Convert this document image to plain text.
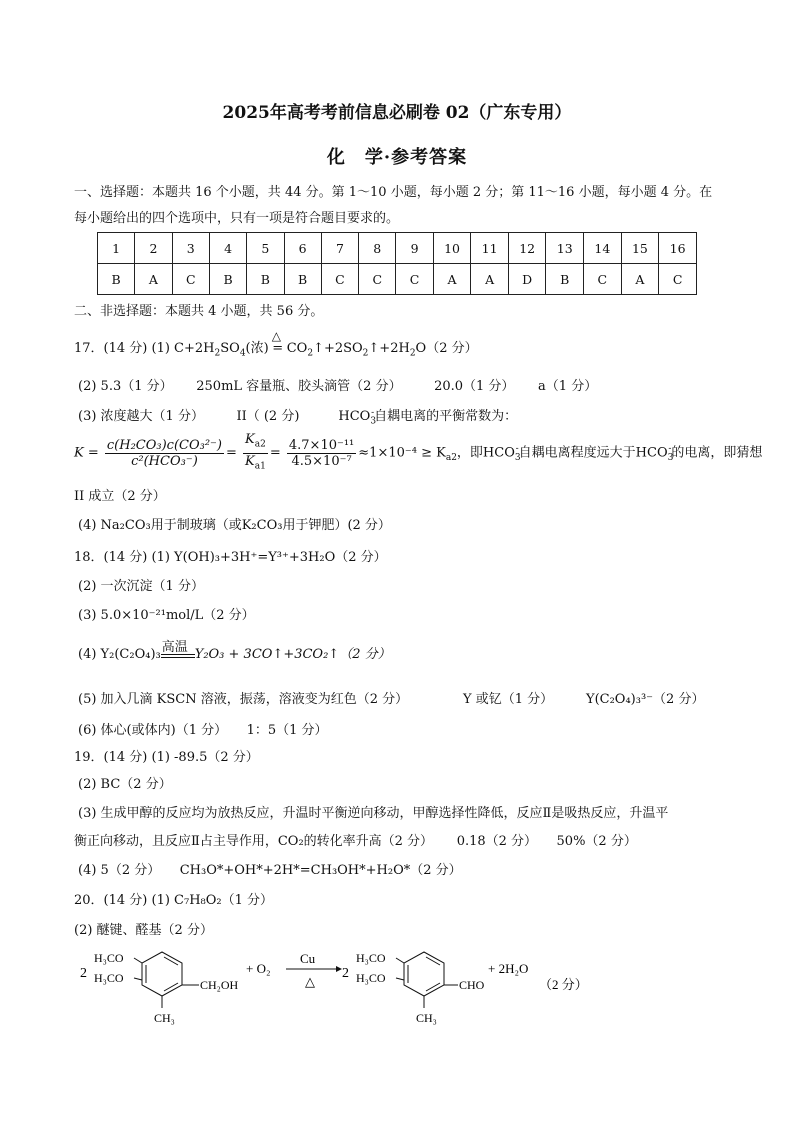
2025年高考考前信息必刷卷 02（广东专用）
化　学·参考答案
一、选择题：本题共 16 个小题，共 44 分。第 1～10 小题，每小题 2 分；第 11～16 小题，每小题 4 分。在
每小题给出的四个选项中，只有一项是符合题目要求的。
1	2	3	4	5	6	7	8	9	10	11	12	13	14	15	16
B	A	C	B	B	B	C	C	C	A	A	D	B	C	A	C
二、非选择题：本题共 4 小题，共 56 分。
17．(14 分) (1) $C+2H_2SO_4$(浓)
△
= $CO_2↑+2SO_2↑+2H_2O(2$ 分）
(2) 5.3（1 分）　　 250mL 容量瓶、胶头滴管（2 分）　　　20.0（1 分）　　 a（1 分）
(3) 浓度越大（1 分）　　　II（ (2 分)　　　$HCO_3^-$自耦电离的平衡常数为：
$K = \frac{\text{c(H₂CO₃)c(CO₃²⁻)}}{\text{c²(HCO₃⁻)}} = \frac{K_{a2}}{K_{a1}} = \frac{\text{4.7×10⁻¹¹}}{\text{4.5×10⁻⁷}} \approx 1\times 10^{-4} \ge K_{a2}$，即$HCO_3^-$自耦电离程度远大于$HCO_3^-$的电离，即猜想
II 成立（2 分）
(4) Na₂CO₃用于制玻璃（或K₂CO₃用于钾肥）(2 分）
18．(14 分) (1) Y(OH)₃+3H⁺=Y³⁺+3H₂O（2 分）
(2) 一次沉淀（1 分）
(3) 5.0×10⁻²¹mol/L（2 分）
(4) Y₂(C₂O₄)₃ 高温 Y₂O₃ + 3CO↑+3CO₂↑（2 分）
(5) 加入几滴 KSCN 溶液，振荡，溶液变为红色（2 分）	Y 或钇（1 分）	Y(C₂O₄)₃³⁻（2 分）
(6) 体心(或体内)（1 分）　　1：5（1 分）
19．(14 分) (1) -89.5（2 分）
(2) BC（2 分）
(3) 生成甲醇的反应均为放热反应，升温时平衡逆向移动，甲醇选择性降低，反应Ⅱ是吸热反应，升温平
衡正向移动，且反应Ⅱ占主导作用，CO₂的转化率升高（2 分）　　 0.18（2 分）　　50%（2 分）
(4) 5（2 分）　　CH₃O*+OH*+2H*=CH₃OH*+H₂O*（2 分）
20．(14 分) (1) C₇H₈O₂（1 分）
(2) 醚键、醛基（2 分）
2
H₃CO
H₃CO	CH₂OH
CH₃
+ O₂
Cu
△
2
H₃CO
H₃CO	CHO
CH₃
+ 2H₂O
（2 分）
